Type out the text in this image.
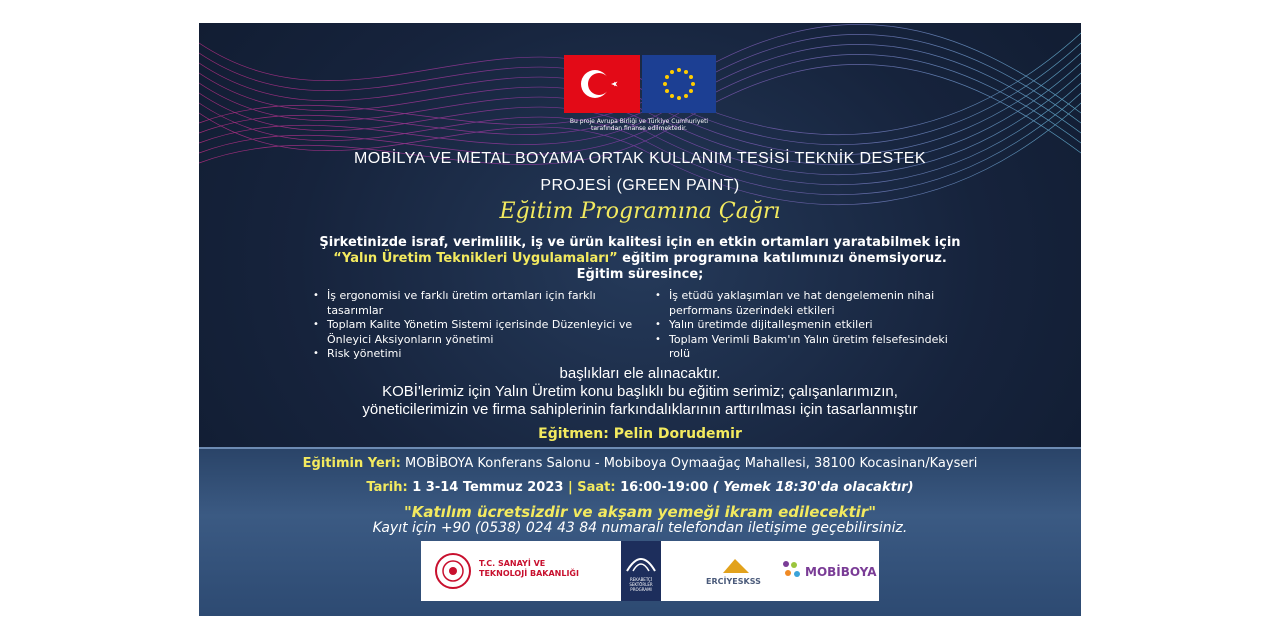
Bu proje Avrupa Birliği ve Türkiye Cumhuriyeti
tarafından finanse edilmektedir.
MOBİLYA VE METAL BOYAMA ORTAK KULLANIM TESİSİ TEKNİK DESTEK
PROJESİ (GREEN PAINT)
Eğitim Programına Çağrı
Şirketinizde israf, verimlilik, iş ve ürün kalitesi için en etkin ortamları yaratabilmek için
“Yalın Üretim Teknikleri Uygulamaları” eğitim programına katılımınızı önemsiyoruz.
Eğitim süresince;
• İş ergonomisi ve farklı üretim ortamları için farklı tasarımlar
• Toplam Kalite Yönetim Sistemi içerisinde Düzenleyici ve Önleyici Aksiyonların yönetimi
• Risk yönetimi
• İş etüdü yaklaşımları ve hat dengelemenin nihai performans üzerindeki etkileri
• Yalın üretimde dijitalleşmenin etkileri
• Toplam Verimli Bakım'ın Yalın üretim felsefesindeki rolü
başlıkları ele alınacaktır.
KOBİ'lerimiz için Yalın Üretim konu başlıklı bu eğitim serimiz; çalışanlarımızın,
yöneticilerimizin ve firma sahiplerinin farkındalıklarının arttırılması için tasarlanmıştır
Eğitmen: Pelin Dorudemir
Eğitimin Yeri: MOBİBOYA Konferans Salonu - Mobiboya Oymaağaç Mahallesi, 38100 Kocasinan/Kayseri
Tarih: 1 3-14 Temmuz 2023 | Saat: 16:00-19:00 ( Yemek 18:30'da olacaktır)
"Katılım ücretsizdir ve akşam yemeği ikram edilecektir"
Kayıt için +90 (0538) 024 43 84 numaralı telefondan iletişime geçebilirsiniz.
T.C. SANAYİ VE
TEKNOLOJİ BAKANLIĞI
REKABETÇİ SEKTÖRLER PROGRAMI
ERCİYESKSS
MOBİBOYA
